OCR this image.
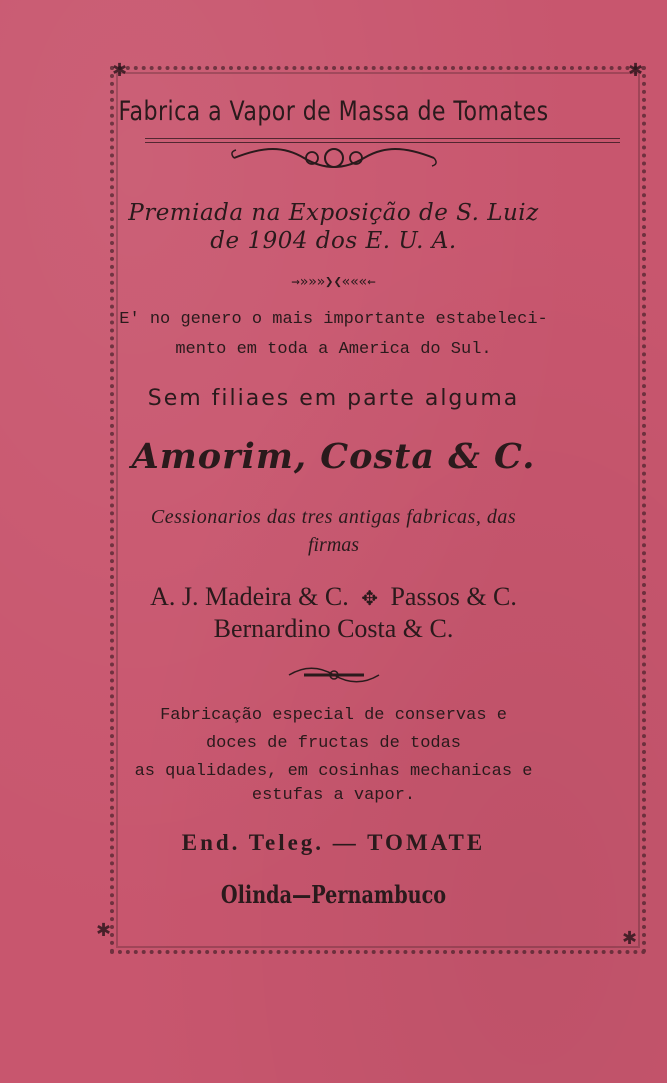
✱	✱
✱	✱
Fabrica a Vapor de Massa de Tomates
Premiada na Exposição de S. Luiz
de 1904 dos E. U. A.
→»»»❯❮«««←
E' no genero o mais importante estabeleci-
mento em toda a America do Sul.
Sem filiaes em parte alguma
Amorim, Costa & C.
Cessionarios das tres antigas fabricas, das
firmas
A. J. Madeira & C. ✥ Passos & C.
Bernardino Costa & C.
Fabricação especial de conservas e
doces de fructas de todas
as qualidades, em cosinhas mechanicas e
estufas a vapor.
End. Teleg. — TOMATE
Olinda—Pernambuco
